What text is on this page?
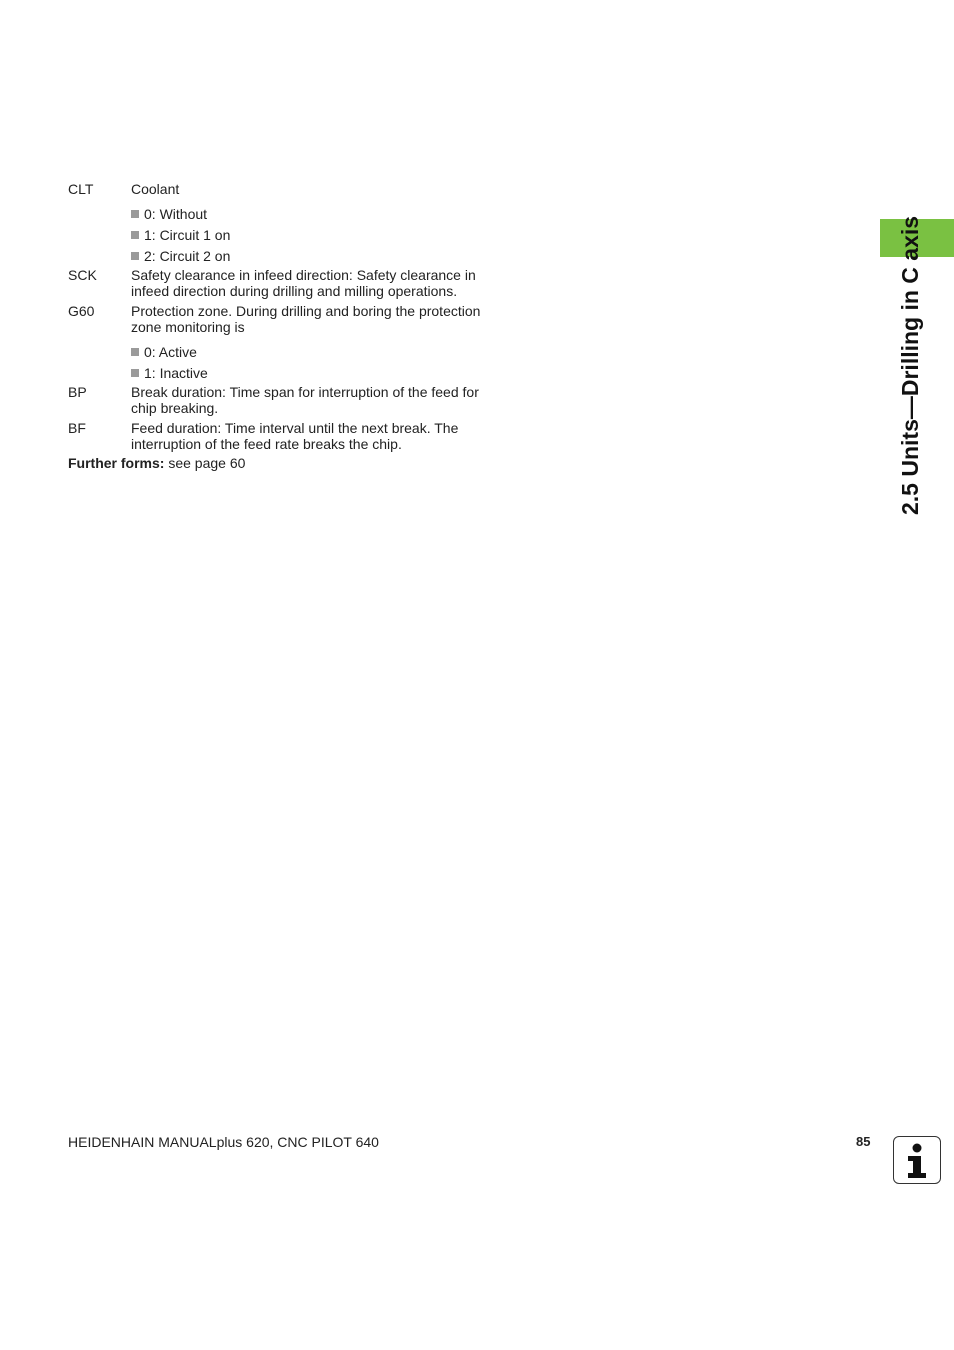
CLT	Coolant
0: Without
1: Circuit 1 on
2: Circuit 2 on
SCK	Safety clearance in infeed direction: Safety clearance in infeed direction during drilling and milling operations.
G60	Protection zone. During drilling and boring the protection zone monitoring is
0: Active
1: Inactive
BP	Break duration: Time span for interruption of the feed for chip breaking.
BF	Feed duration: Time interval until the next break. The interruption of the feed rate breaks the chip.
Further forms: see page 60	2.5 Units—Drilling in C axis
HEIDENHAIN MANUALplus 620, CNC PILOT 640	85
